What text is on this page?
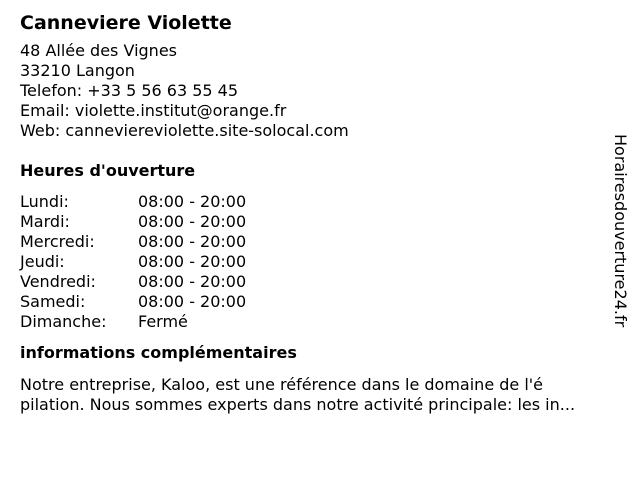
Canneviere Violette
48 Allée des Vignes
33210 Langon
Telefon: +33 5 56 63 55 45
Email: violette.institut@orange.fr
Web: canneviereviolette.site-solocal.com
Heures d'ouverture
Lundi:	08:00 - 20:00
Mardi:	08:00 - 20:00
Mercredi:	08:00 - 20:00
Jeudi:	08:00 - 20:00
Vendredi:	08:00 - 20:00
Samedi:	08:00 - 20:00
Dimanche:	Fermé
informations complémentaires
Notre entreprise, Kaloo, est une référence dans le domaine de l'é
pilation. Nous sommes experts dans notre activité principale: les in...
Horairesdouverture24.fr
